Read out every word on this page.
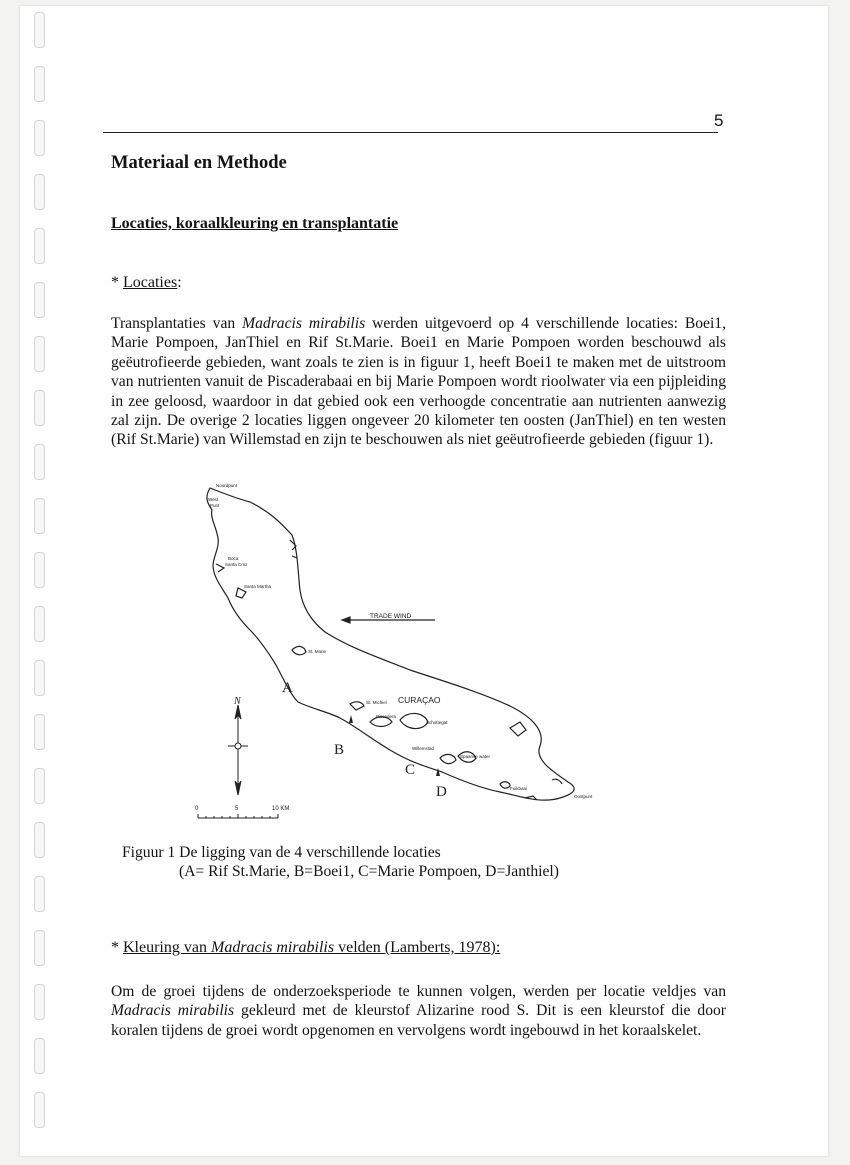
5
Materiaal en Methode
Locaties, koraalkleuring en transplantatie
* Locaties:
Transplantaties van Madracis mirabilis werden uitgevoerd op 4 verschillende locaties: Boei1, Marie Pompoen, JanThiel en Rif St.Marie. Boei1 en Marie Pompoen worden beschouwd als geëutrofieerde gebieden, want zoals te zien is in figuur 1, heeft Boei1 te maken met de uitstroom van nutrienten vanuit de Piscaderabaai en bij Marie Pompoen wordt rioolwater via een pijpleiding in zee geloosd, waardoor in dat gebied ook een verhoogde concentratie aan nutrienten aanwezig zal zijn. De overige 2 locaties liggen ongeveer 20 kilometer ten oosten (JanThiel) en ten westen (Rif St.Marie) van Willemstad en zijn te beschouwen als niet geëutrofieerde gebieden (figuur 1).
Noordpunt
West
Punt
Boca
Santa Cruz
Santa Martha
St. Marie
St. Michiel CURAÇAO
Piscadera
Schottegat
Willemstad
Spaanse water
Fuikbaai
Oostpunt
TRADE WIND
N
A
B
C
D
0	5	10 KM
Figuur 1 De ligging van de 4 verschillende locaties
(A= Rif St.Marie, B=Boei1, C=Marie Pompoen, D=Janthiel)
* Kleuring van Madracis mirabilis velden (Lamberts, 1978):
Om de groei tijdens de onderzoeksperiode te kunnen volgen, werden per locatie veldjes van Madracis mirabilis gekleurd met de kleurstof Alizarine rood S. Dit is een kleurstof die door koralen tijdens de groei wordt opgenomen en vervolgens wordt ingebouwd in het koraalskelet.
